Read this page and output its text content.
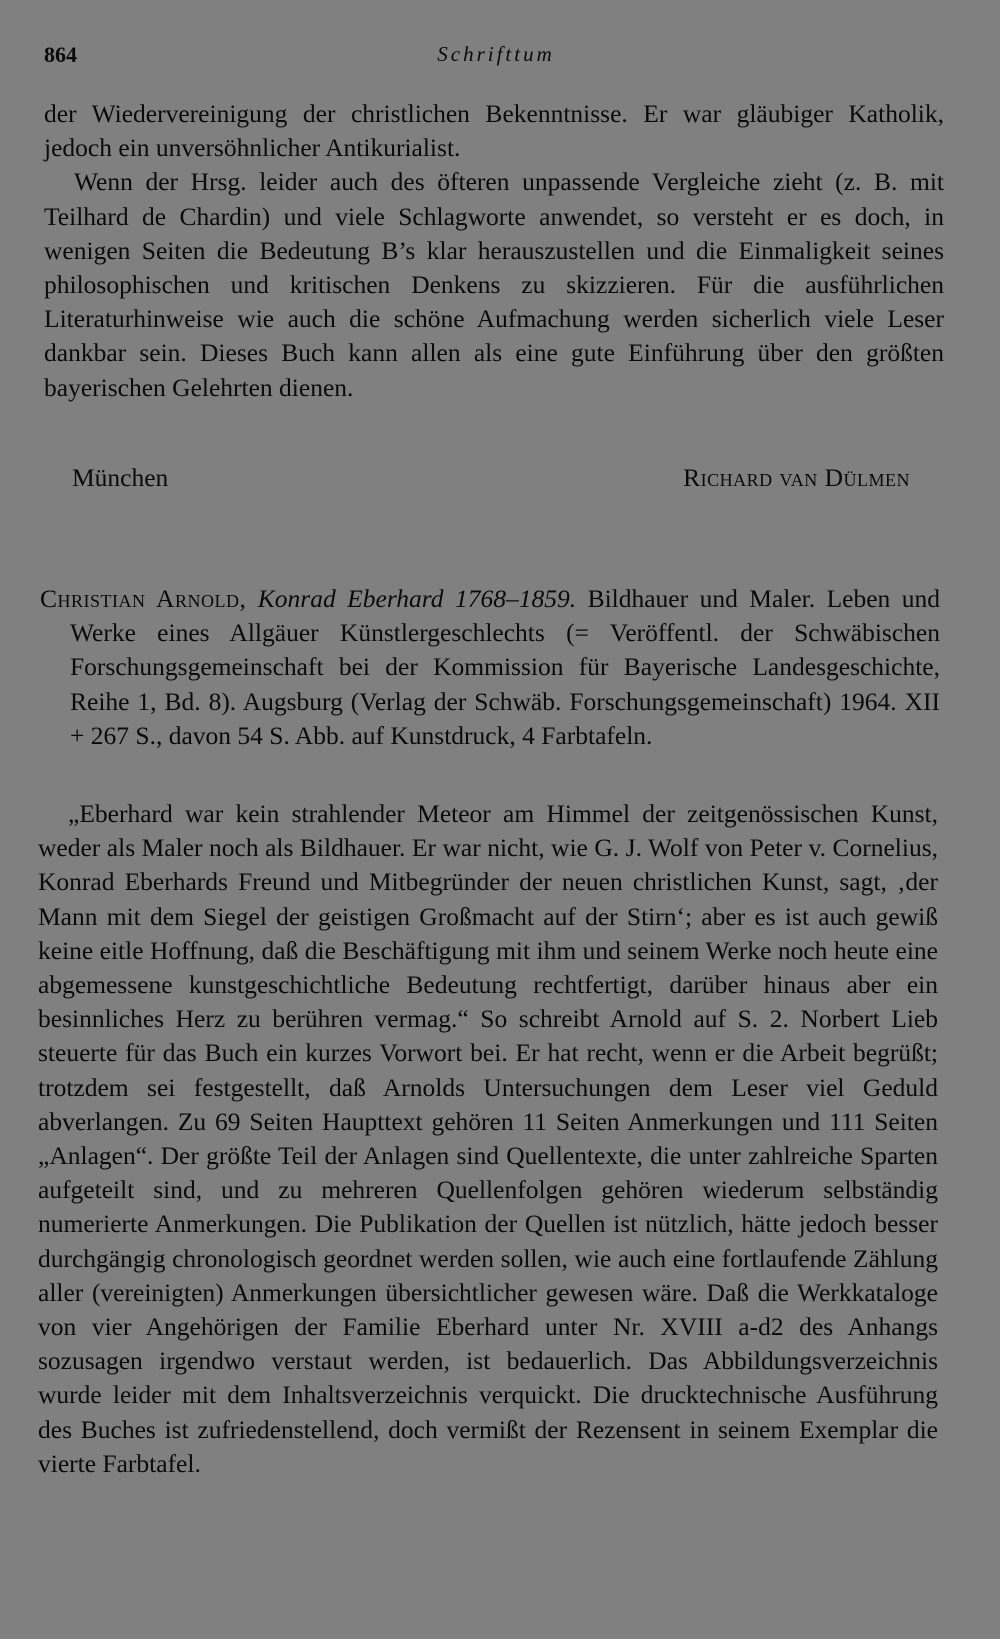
864	Schrifttum

der Wiedervereinigung der christlichen Bekenntnisse. Er war gläubiger Katholik, jedoch ein unversöhnlicher Antikurialist.

Wenn der Hrsg. leider auch des öfteren unpassende Vergleiche zieht (z. B. mit Teilhard de Chardin) und viele Schlagworte anwendet, so versteht er es doch, in wenigen Seiten die Bedeutung B’s klar herauszustellen und die Einmaligkeit seines philosophischen und kritischen Denkens zu skizzieren. Für die ausführlichen Literaturhinweise wie auch die schöne Aufmachung werden sicherlich viele Leser dankbar sein. Dieses Buch kann allen als eine gute Einführung über den größten bayerischen Gelehrten dienen.

München	Richard van Dülmen

Christian Arnold, Konrad Eberhard 1768–1859. Bildhauer und Maler. Leben und Werke eines Allgäuer Künstlergeschlechts (= Veröffentl. der Schwäbischen Forschungsgemeinschaft bei der Kommission für Bayerische Landesgeschichte, Reihe 1, Bd. 8). Augsburg (Verlag der Schwäb. Forschungsgemeinschaft) 1964. XII + 267 S., davon 54 S. Abb. auf Kunstdruck, 4 Farbtafeln.

„Eberhard war kein strahlender Meteor am Himmel der zeitgenössischen Kunst, weder als Maler noch als Bildhauer. Er war nicht, wie G. J. Wolf von Peter v. Cornelius, Konrad Eberhards Freund und Mitbegründer der neuen christlichen Kunst, sagt, ‚der Mann mit dem Siegel der geistigen Großmacht auf der Stirn‘; aber es ist auch gewiß keine eitle Hoffnung, daß die Beschäftigung mit ihm und seinem Werke noch heute eine abgemessene kunstgeschichtliche Bedeutung rechtfertigt, darüber hinaus aber ein besinnliches Herz zu berühren vermag.“ So schreibt Arnold auf S. 2. Norbert Lieb steuerte für das Buch ein kurzes Vorwort bei. Er hat recht, wenn er die Arbeit begrüßt; trotzdem sei festgestellt, daß Arnolds Untersuchungen dem Leser viel Geduld abverlangen. Zu 69 Seiten Haupttext gehören 11 Seiten Anmerkungen und 111 Seiten „Anlagen“. Der größte Teil der Anlagen sind Quellentexte, die unter zahlreiche Sparten aufgeteilt sind, und zu mehreren Quellenfolgen gehören wiederum selbständig numerierte Anmerkungen. Die Publikation der Quellen ist nützlich, hätte jedoch besser durchgängig chronologisch geordnet werden sollen, wie auch eine fortlaufende Zählung aller (vereinigten) Anmerkungen übersichtlicher gewesen wäre. Daß die Werkkataloge von vier Angehörigen der Familie Eberhard unter Nr. XVIII a-d2 des Anhangs sozusagen irgendwo verstaut werden, ist bedauerlich. Das Abbildungsverzeichnis wurde leider mit dem Inhaltsverzeichnis verquickt. Die drucktechnische Ausführung des Buches ist zufriedenstellend, doch vermißt der Rezensent in seinem Exemplar die vierte Farbtafel.
